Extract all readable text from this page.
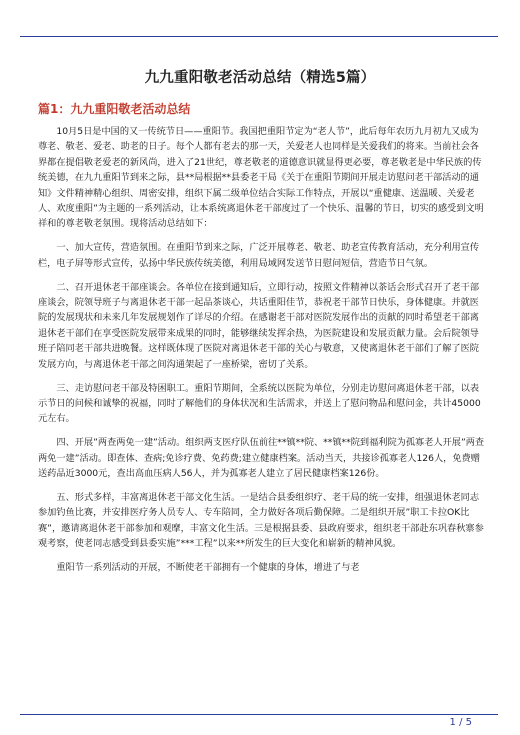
九九重阳敬老活动总结（精选5篇）
篇1：九九重阳敬老活动总结

10月5日是中国的又一传统节日——重阳节。我国把重阳节定为“老人节”，此后每年农历九月初九又成为尊老、敬老、爱老、助老的日子。每个人都有老去的那一天，关爱老人也同样是关爱我们的将来。当前社会各界都在提倡敬老爱老的新风尚，进入了21世纪，尊老敬老的道德意识就显得更必要，尊老敬老是中华民族的传统美德，在九九重阳节到来之际，县**局根据**县委老干局《关于在重阳节期间开展走访慰问老干部活动的通知》文件精神精心组织、周密安排，组织下属二级单位结合实际工作特点，开展以“重健康、送温暖、关爱老人、欢度重阳”为主题的一系列活动，让本系统离退休老干部度过了一个快乐、温馨的节日，切实的感受到文明祥和的尊老敬老氛围。现将活动总结如下：

一、加大宣传，营造氛围。在重阳节到来之际，广泛开展尊老、敬老、助老宣传教育活动，充分利用宣传栏，电子屏等形式宣传，弘扬中华民族传统美德，利用局域网发送节日慰问短信，营造节日气氛。

二、召开退休老干部座谈会。各单位在接到通知后，立即行动，按照文件精神以茶话会形式召开了老干部座谈会，院领导班子与离退休老干部一起品茶谈心，共话重阳佳节，恭祝老干部节日快乐，身体健康。并就医院的发展现状和未来几年发展规划作了详尽的介绍。在感谢老干部对医院发展作出的贡献的同时希望老干部离退休老干部们在享受医院发展带来成果的同时，能够继续发挥余热，为医院建设和发展贡献力量。会后院领导班子陪同老干部共进晚餐。这样既体现了医院对离退休老干部的关心与敬意，又使离退休老干部们了解了医院发展方向，与离退休老干部之间沟通架起了一座桥梁，密切了关系。

三、走访慰问老干部及特困职工。重阳节期间，全系统以医院为单位，分别走访慰问离退休老干部，以表示节日的问候和诚挚的祝福，同时了解他们的身体状况和生活需求，并送上了慰问物品和慰问金，共计45000元左右。

四、开展”两查两免一建”活动。组织两支医疗队伍前往**镇**院、**镇**院到福利院为孤寡老人开展”两查两免一建”活动。即查体、查病;免诊疗费、免药费;建立健康档案。活动当天，共接诊孤寡老人126人，免费赠送药品近3000元，查出高血压病人56人，并为孤寡老人建立了居民健康档案126份。

五、形式多样，丰富离退休老干部文化生活。一是结合县委组织疗、老干局的统一安排，组强退休老同志参加钓鱼比赛，并安排医疗务人员专人、专车陪同，全力做好各项后勤保障。二是组织开展”职工卡拉OK比赛”，邀请离退休老干部参加和观摩，丰富文化生活。三是根据县委、县政府要求，组织老干部赴东巩春秋寨参观考察，使老同志感受到县委实施”***工程”以来**所发生的巨大变化和崭新的精神风貌。

重阳节一系列活动的开展，不断使老干部拥有一个健康的身体，增进了与老

1 / 5
